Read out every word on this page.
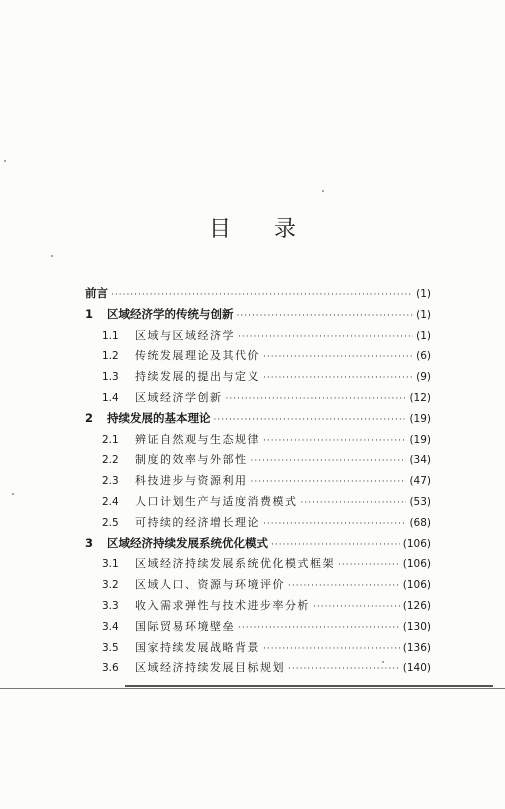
目 录
前言 ·····	(1)
1	区域经济学的传统与创新 ·····	(1)
1.1	区域与区域经济学 ·····	(1)
1.2	传统发展理论及其代价 ·····	(6)
1.3	持续发展的提出与定义 ·····	(9)
1.4	区域经济学创新 ·····	(12)
2	持续发展的基本理论 ·····	(19)
2.1	辨证自然观与生态规律 ·····	(19)
2.2	制度的效率与外部性 ·····	(34)
2.3	科技进步与资源利用 ·····	(47)
2.4	人口计划生产与适度消费模式 ·····	(53)
2.5	可持续的经济增长理论 ·····	(68)
3	区域经济持续发展系统优化模式 ·····	(106)
3.1	区域经济持续发展系统优化模式框架 ·····	(106)
3.2	区域人口、资源与环境评价 ·····	(106)
3.3	收入需求弹性与技术进步率分析 ·····	(126)
3.4	国际贸易环境壁垒 ·····	(130)
3.5	国家持续发展战略背景 ·····	(136)
3.6	区域经济持续发展目标规划 ·····	(140)
